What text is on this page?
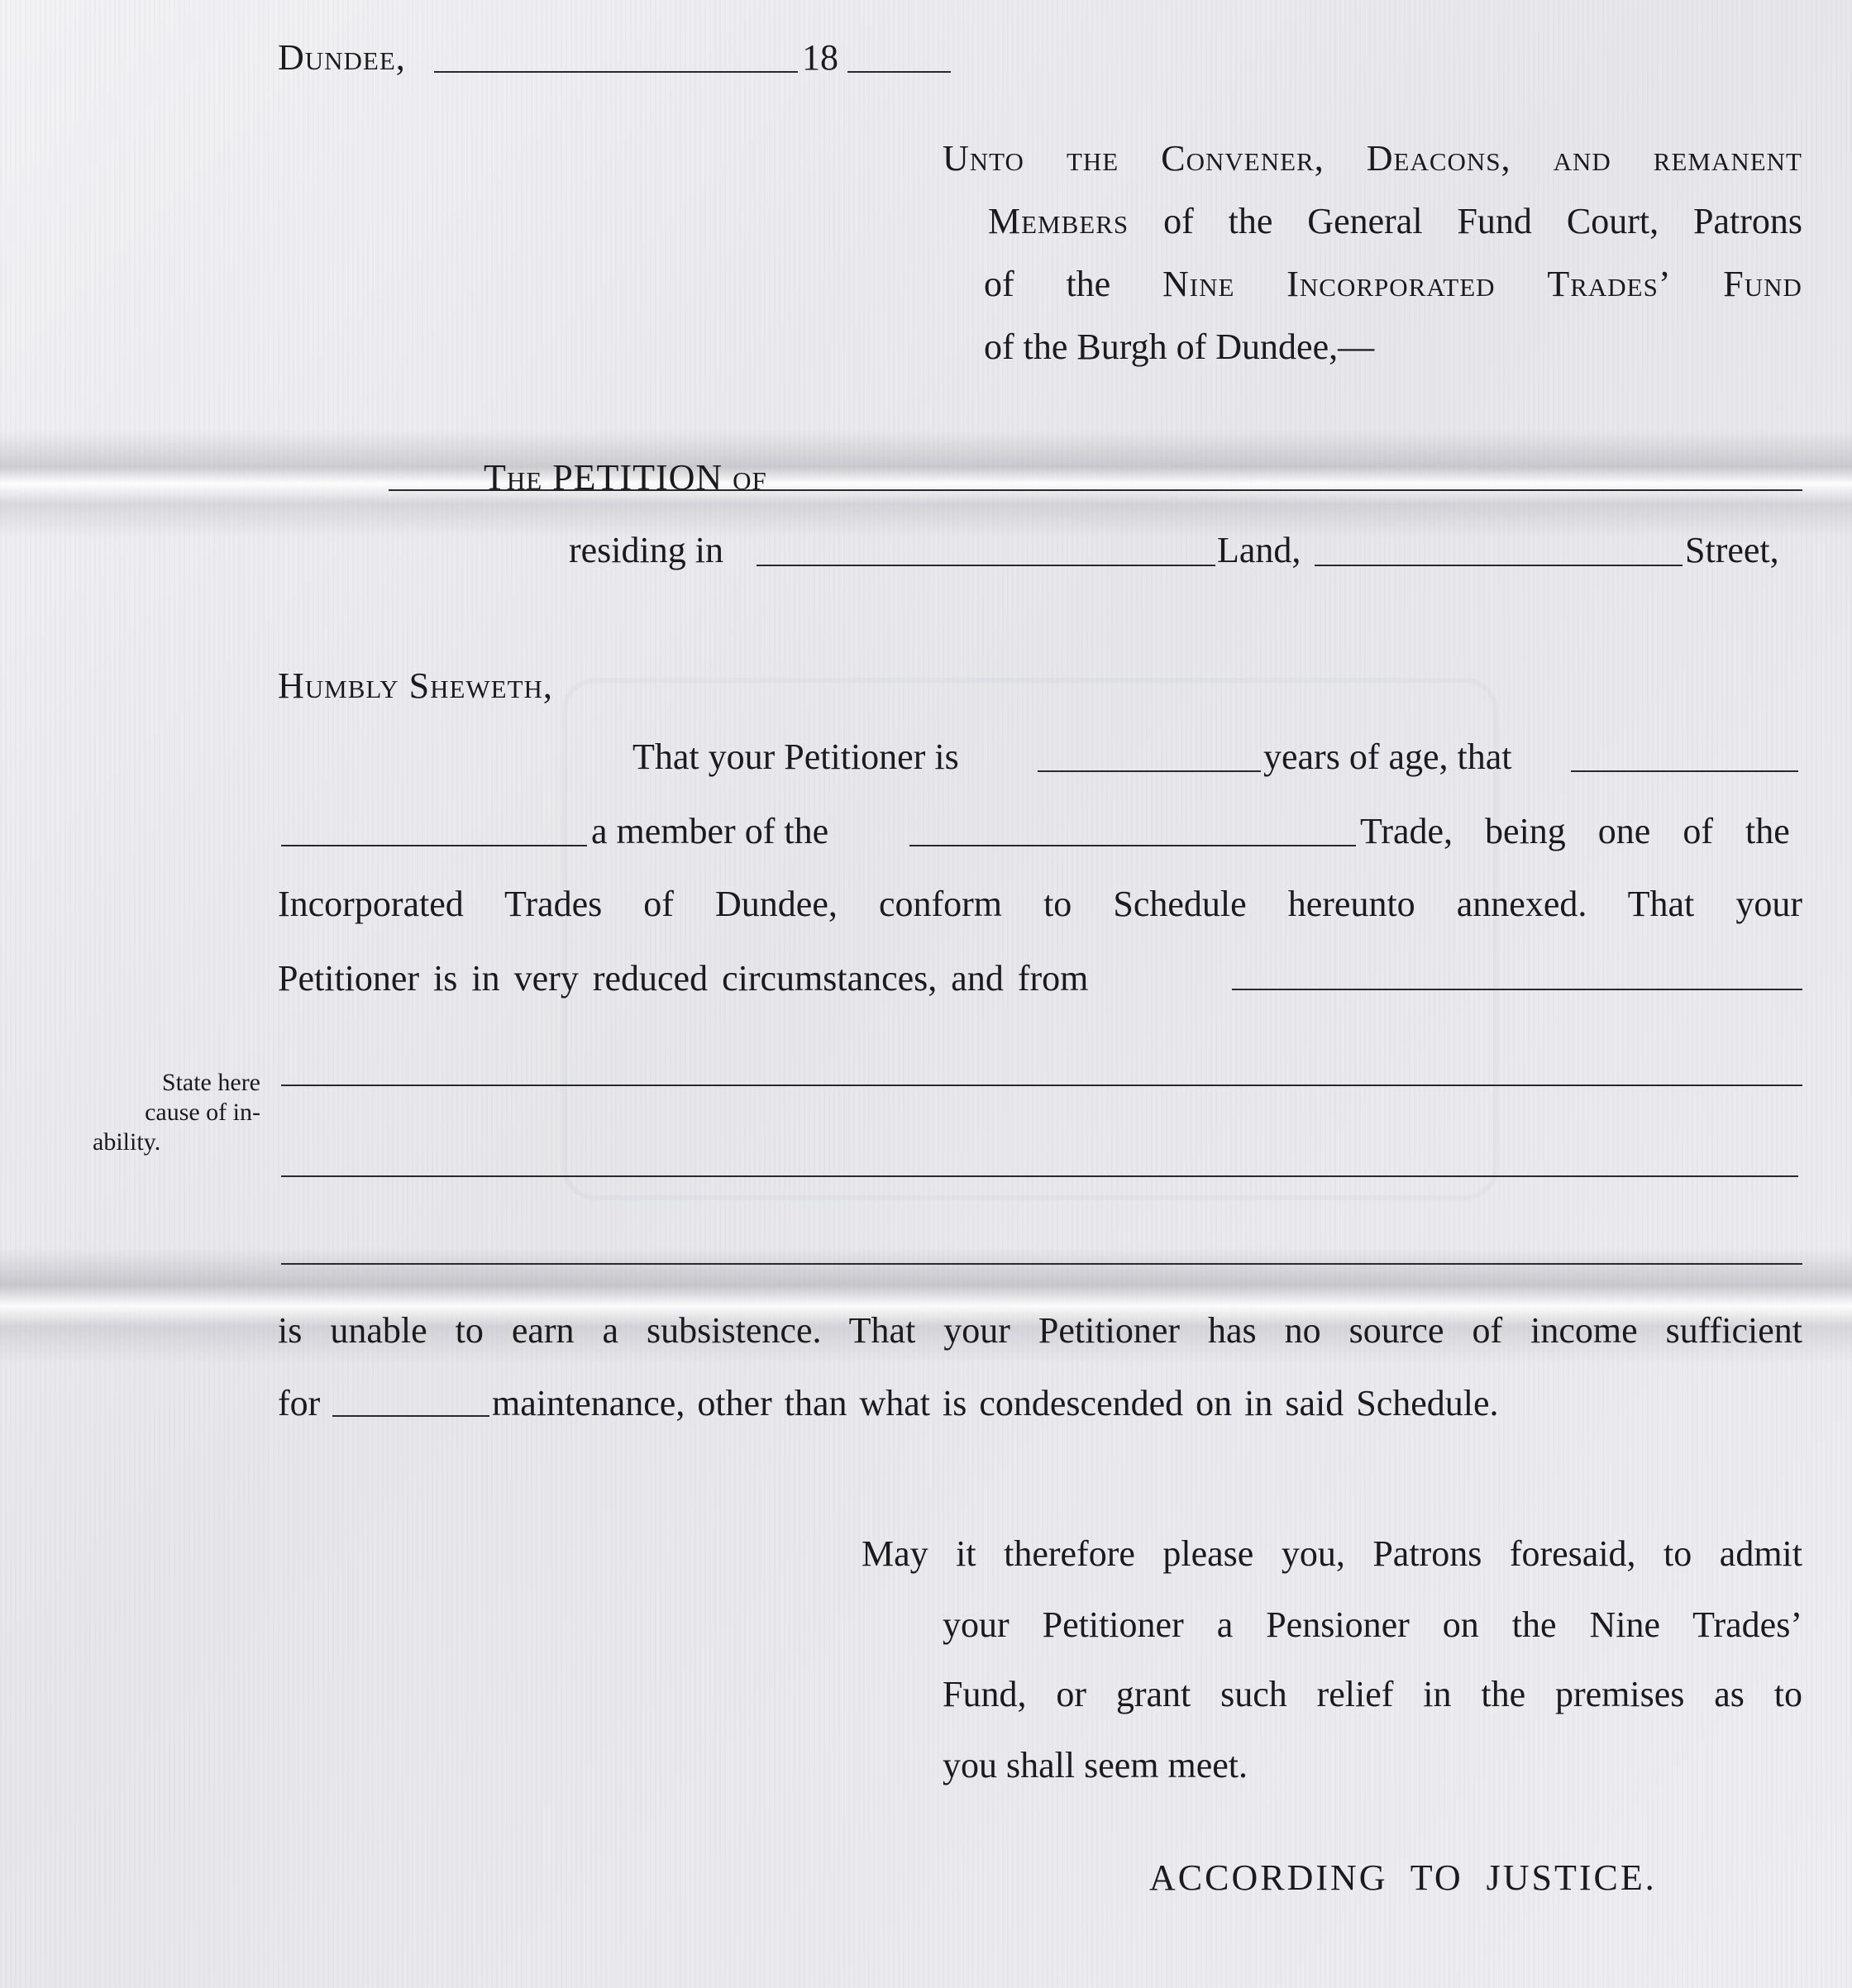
Dundee,	18
Unto the Convener, Deacons, and remanent
Members of the General Fund Court, Patrons
of the Nine Incorporated Trades’ Fund
of the Burgh of Dundee,—
The PETITION of
residing in	Land,	Street,
Humbly Sheweth,
That your Petitioner is	years of age, that
a member of the	Trade, being one of the
Incorporated Trades of Dundee, conform to Schedule hereunto annexed. That your
Petitioner is in very reduced circumstances, and from
State here
cause of in-
ability.
is unable to earn a subsistence. That your Petitioner has no source of income sufficient
for	maintenance, other than what is condescended on in said Schedule.
May it therefore please you, Patrons foresaid, to admit
your Petitioner a Pensioner on the Nine Trades’
Fund, or grant such relief in the premises as to
you shall seem meet.
ACCORDING TO JUSTICE.
